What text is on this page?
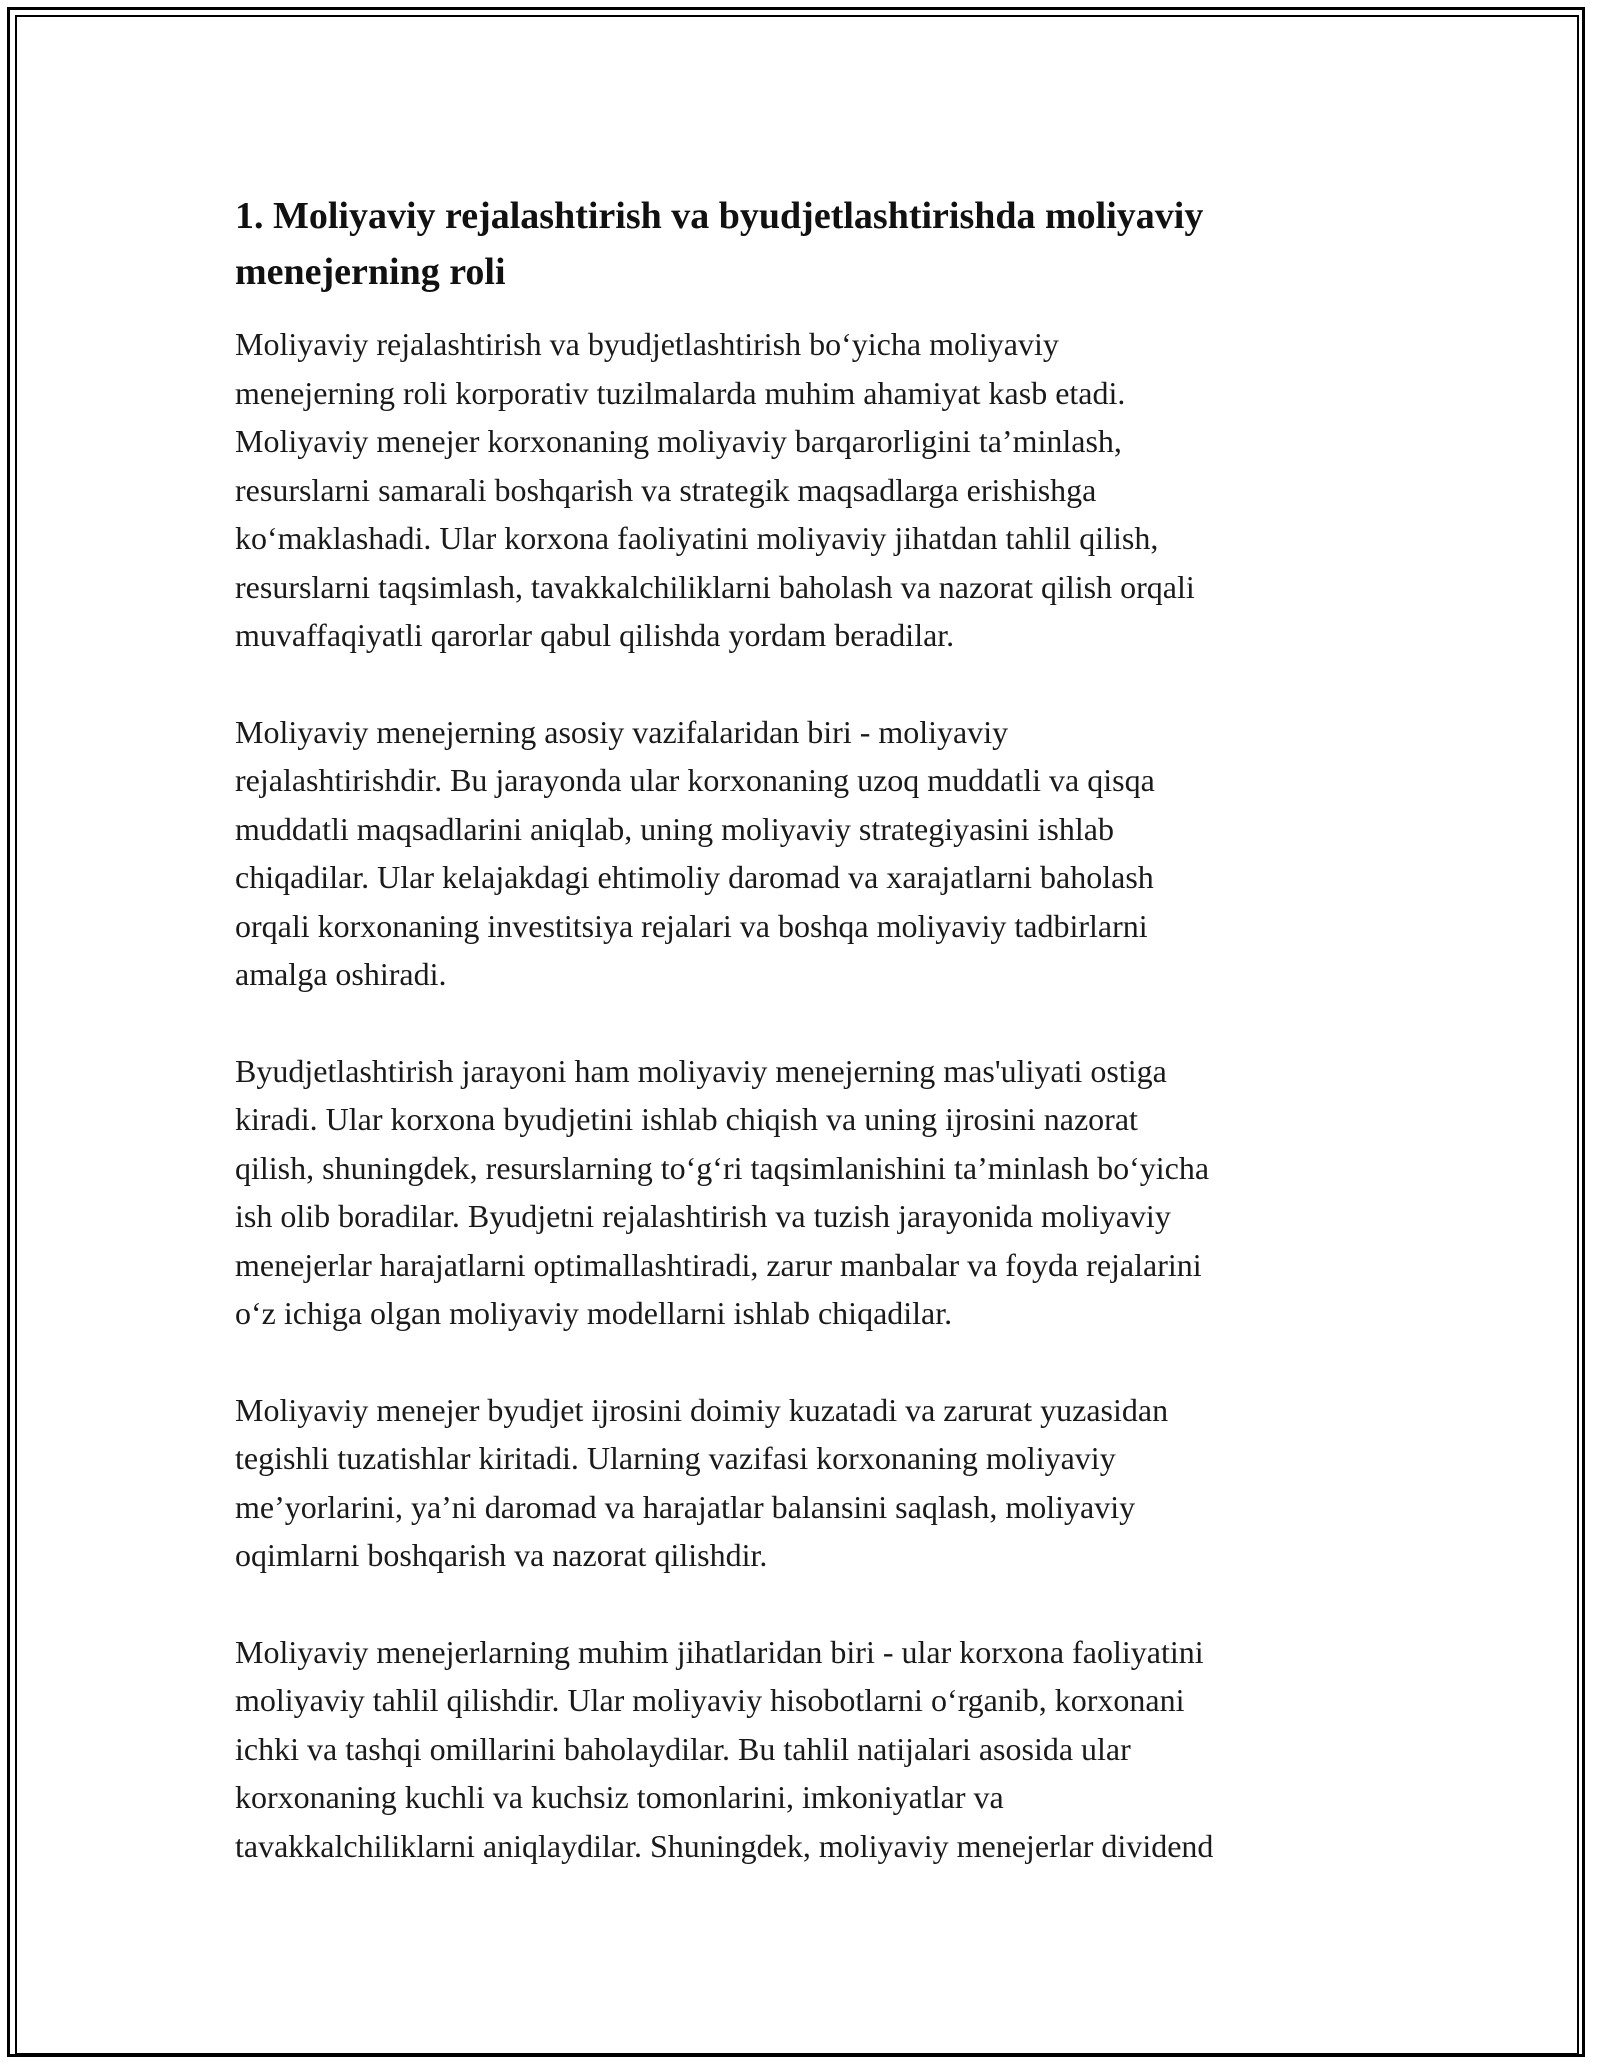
1. Moliyaviy rejalashtirish va byudjetlashtirishda moliyaviy
menejerning roli

Moliyaviy rejalashtirish va byudjetlashtirish bo‘yicha moliyaviy
menejerning roli korporativ tuzilmalarda muhim ahamiyat kasb etadi.
Moliyaviy menejer korxonaning moliyaviy barqarorligini ta’minlash,
resurslarni samarali boshqarish va strategik maqsadlarga erishishga
ko‘maklashadi. Ular korxona faoliyatini moliyaviy jihatdan tahlil qilish,
resurslarni taqsimlash, tavakkalchiliklarni baholash va nazorat qilish orqali
muvaffaqiyatli qarorlar qabul qilishda yordam beradilar.

Moliyaviy menejerning asosiy vazifalaridan biri - moliyaviy
rejalashtirishdir. Bu jarayonda ular korxonaning uzoq muddatli va qisqa
muddatli maqsadlarini aniqlab, uning moliyaviy strategiyasini ishlab
chiqadilar. Ular kelajakdagi ehtimoliy daromad va xarajatlarni baholash
orqali korxonaning investitsiya rejalari va boshqa moliyaviy tadbirlarni
amalga oshiradi.

Byudjetlashtirish jarayoni ham moliyaviy menejerning mas'uliyati ostiga
kiradi. Ular korxona byudjetini ishlab chiqish va uning ijrosini nazorat
qilish, shuningdek, resurslarning to‘g‘ri taqsimlanishini ta’minlash bo‘yicha
ish olib boradilar. Byudjetni rejalashtirish va tuzish jarayonida moliyaviy
menejerlar harajatlarni optimallashtiradi, zarur manbalar va foyda rejalarini
o‘z ichiga olgan moliyaviy modellarni ishlab chiqadilar.

Moliyaviy menejer byudjet ijrosini doimiy kuzatadi va zarurat yuzasidan
tegishli tuzatishlar kiritadi. Ularning vazifasi korxonaning moliyaviy
me’yorlarini, ya’ni daromad va harajatlar balansini saqlash, moliyaviy
oqimlarni boshqarish va nazorat qilishdir.

Moliyaviy menejerlarning muhim jihatlaridan biri - ular korxona faoliyatini
moliyaviy tahlil qilishdir. Ular moliyaviy hisobotlarni o‘rganib, korxonani
ichki va tashqi omillarini baholaydilar. Bu tahlil natijalari asosida ular
korxonaning kuchli va kuchsiz tomonlarini, imkoniyatlar va
tavakkalchiliklarni aniqlaydilar. Shuningdek, moliyaviy menejerlar dividend
